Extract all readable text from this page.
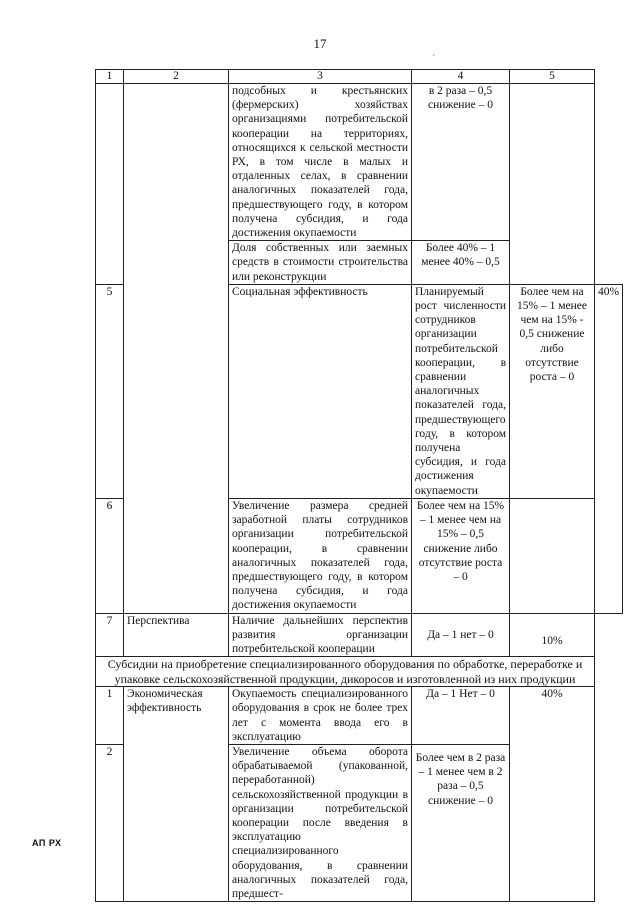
17
`
1	2	3	4	5	
		подсобных и крестьянских (фермерских) хозяйствах организациями потребительской кооперации на территориях, относящихся к сельской местности РХ, в том числе в малых и отдаленных селах, в сравнении аналогичных показателей года, предшествующего году, в котором получена субсидия, и года достижения окупаемости	в 2 раза – 0,5 снижение – 0		
		Доля собственных или заемных средств в стоимости строительства или реконструкции	Более 40% – 1 менее 40% – 0,5		
5		Социальная эффективность	Планируемый рост численности сотрудников организации потребительской кооперации, в сравнении аналогичных показателей года, предшествующего году, в котором получена субсидия, и года достижения окупаемости	Более чем на 15% – 1 менее чем на 15% - 0,5 снижение либо отсутствие роста – 0	40%
6		Увеличение размера средней заработной платы сотрудников организации потребительской кооперации, в сравнении аналогичных показателей года, предшествующего году, в котором получена субсидия, и года достижения окупаемости	Более чем на 15% – 1 менее чем на 15% – 0,5 снижение либо отсутствие роста – 0		
7	Перспектива	Наличие дальнейших перспектив развития организации потребительской кооперации	Да – 1 нет – 0	10%	
Субсидии на приобретение специализированного оборудования по обработке, переработке и упаковке сельскохозяйственной продукции, дикоросов и изготовленной из них продукции					
1	Экономическая эффективность	Окупаемость специализированного оборудования в срок не более трех лет с момента ввода его в эксплуатацию	Да – 1 Нет – 0	40%	
2		Увеличение объема оборота обрабатываемой (упакованной, переработанной) сельскохозяйственной продукции в организации потребительской кооперации после введения в эксплуатацию специализированного оборудования, в сравнении аналогичных показателей года, предшест-	Более чем в 2 раза – 1 менее чем в 2 раза – 0,5 снижение – 0		
АП РХ
